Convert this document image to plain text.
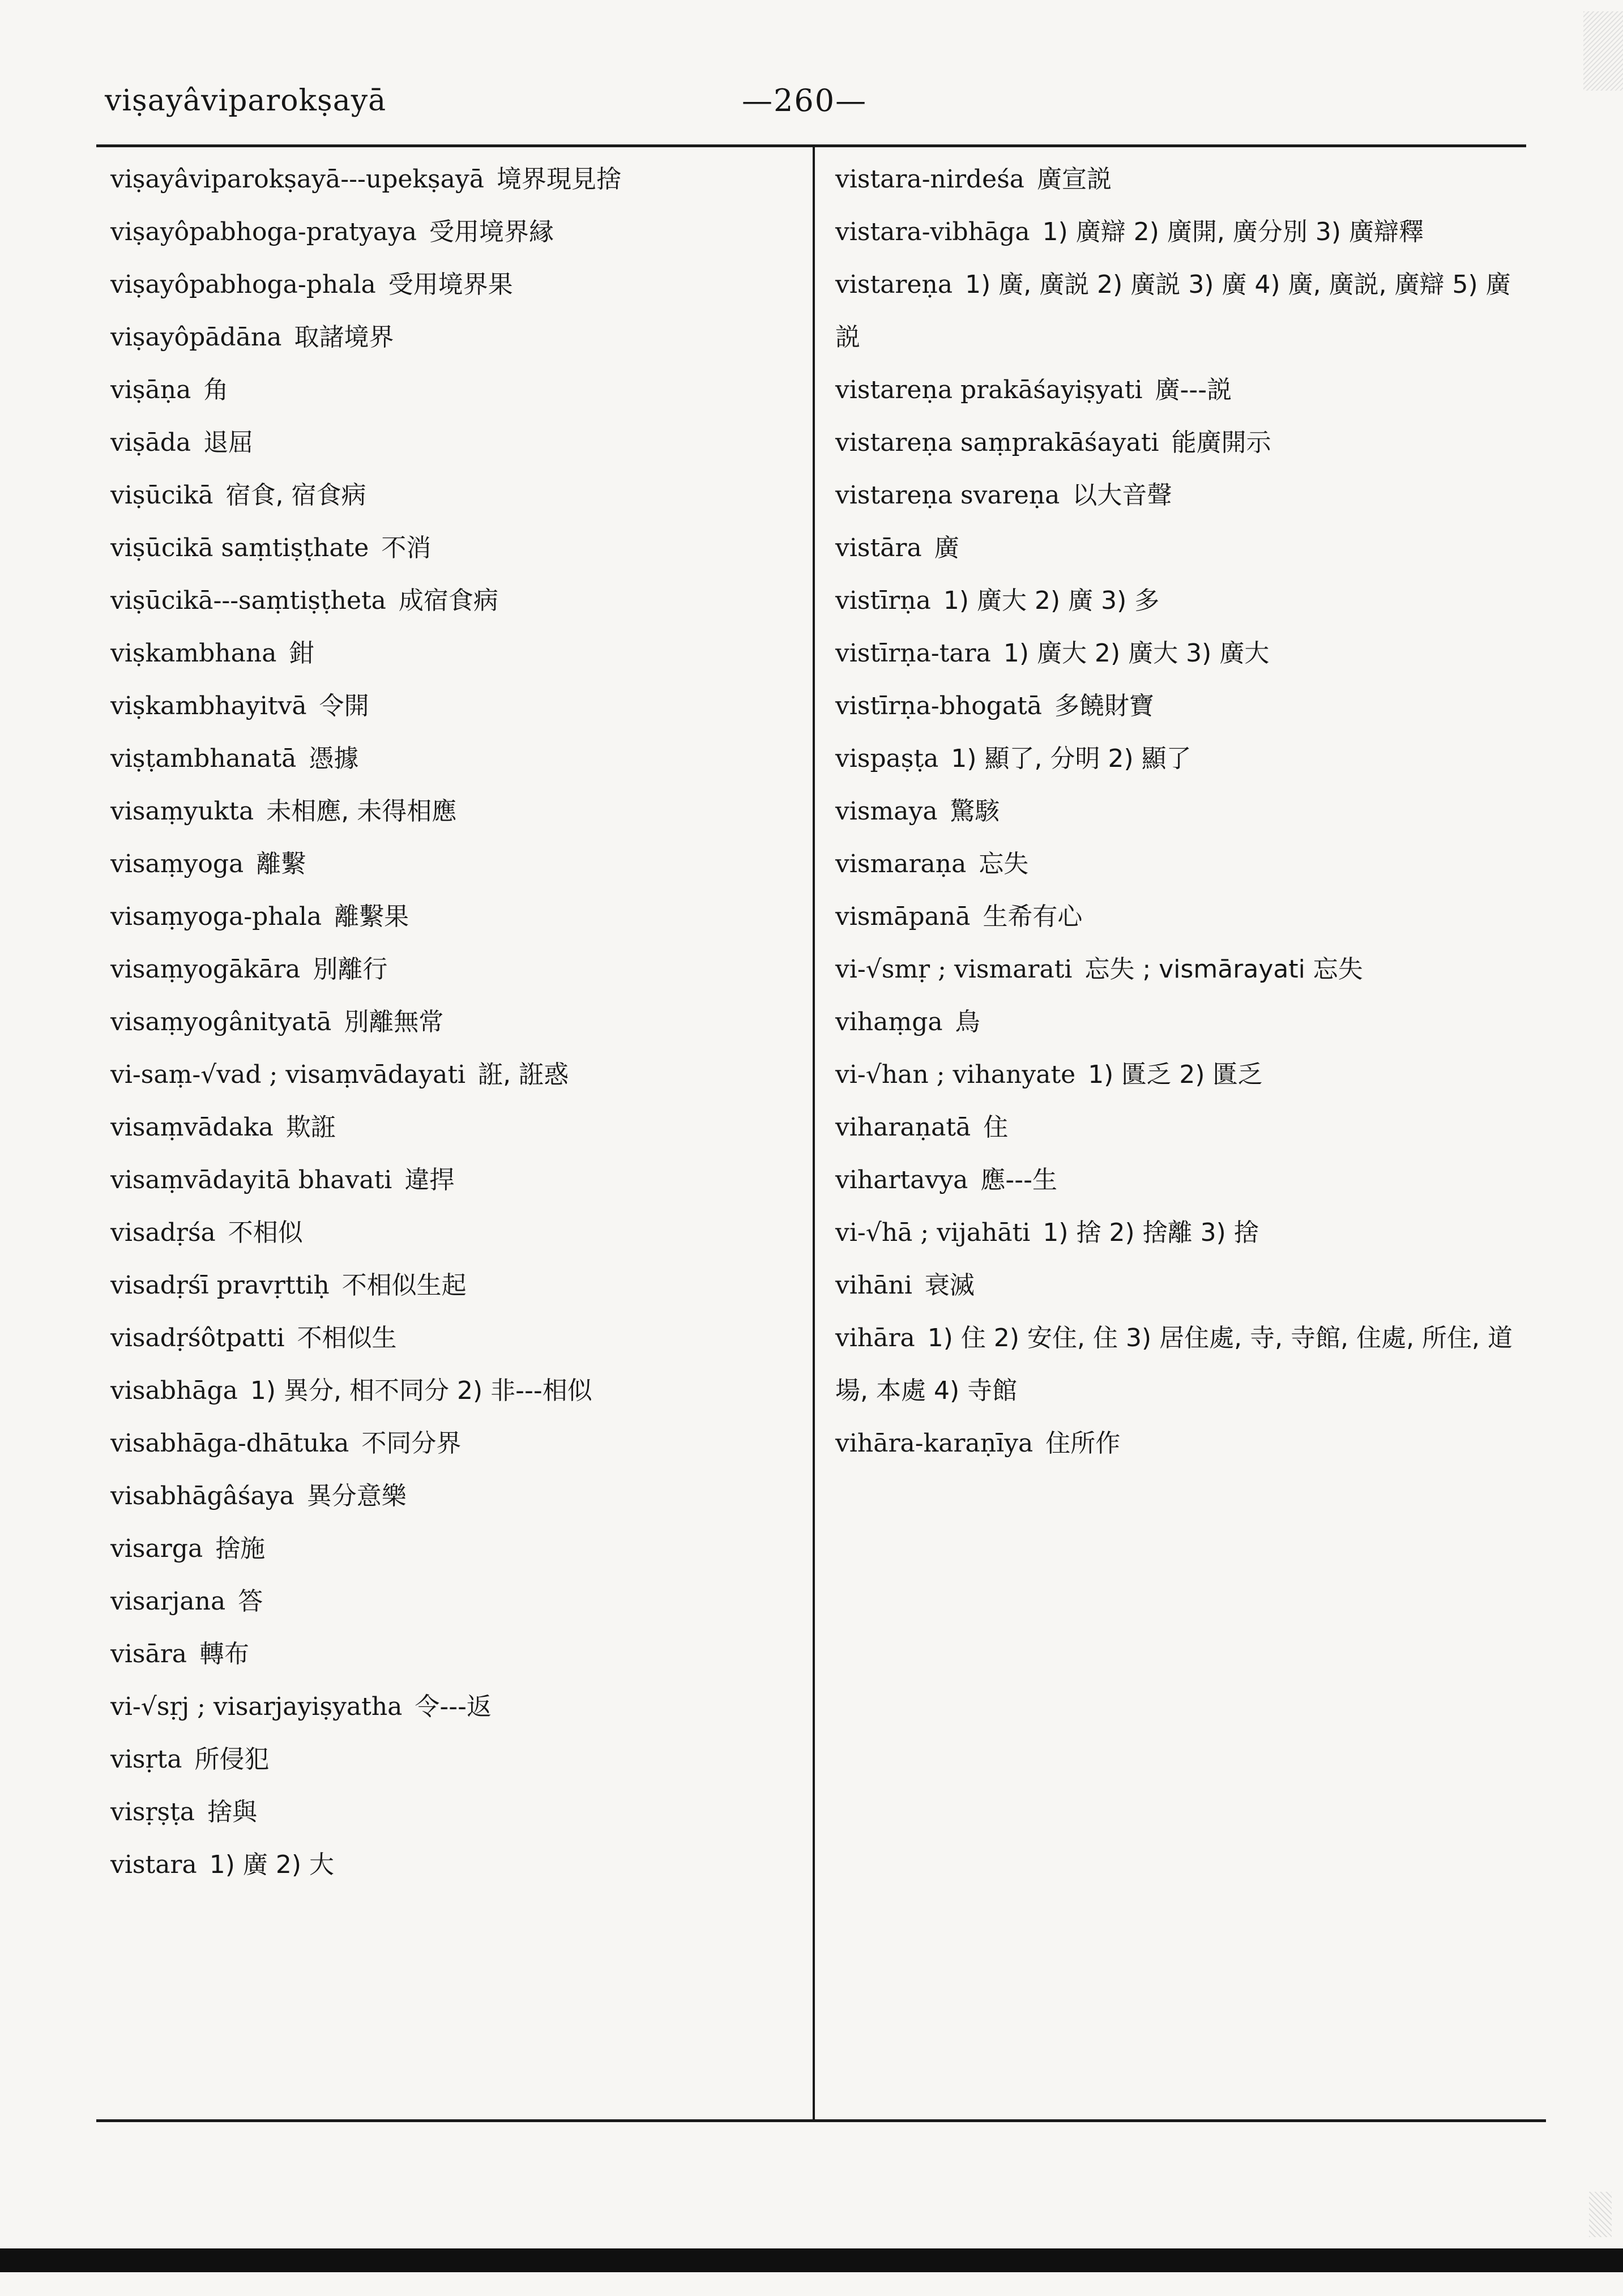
viṣayâviparokṣayā	—260—
viṣayâviparokṣayā---upekṣayā 境界現見捨
viṣayôpabhoga-pratyaya 受用境界縁
viṣayôpabhoga-phala 受用境界果
viṣayôpādāna 取諸境界
viṣāṇa 角
viṣāda 退屈
viṣūcikā 宿食, 宿食病
viṣūcikā saṃtiṣṭhate 不消
viṣūcikā---saṃtiṣṭheta 成宿食病
viṣkambhana 鉗
viṣkambhayitvā 令開
viṣṭambhanatā 憑據
visaṃyukta 未相應, 未得相應
visaṃyoga 離繫
visaṃyoga-phala 離繫果
visaṃyogākāra 別離行
visaṃyogânityatā 別離無常
vi-saṃ-√vad ; visaṃvādayati 誑, 誑惑
visaṃvādaka 欺誑
visaṃvādayitā bhavati 違捍
visadṛśa 不相似
visadṛśī pravṛttiḥ 不相似生起
visadṛśôtpatti 不相似生
visabhāga 1) 異分, 相不同分 2) 非---相似
visabhāga-dhātuka 不同分界
visabhāgâśaya 異分意樂
visarga 捨施
visarjana 答
visāra 轉布
vi-√sṛj ; visarjayiṣyatha 令---返
visṛta 所侵犯
visṛṣṭa 捨與
vistara 1) 廣 2) 大
vistara-nirdeśa 廣宣説
vistara-vibhāga 1) 廣辯 2) 廣開, 廣分別 3) 廣辯釋
vistareṇa 1) 廣, 廣説 2) 廣説 3) 廣 4) 廣, 廣説, 廣辯 5) 廣説
vistareṇa prakāśayiṣyati 廣---説
vistareṇa saṃprakāśayati 能廣開示
vistareṇa svareṇa 以大音聲
vistāra 廣
vistīrṇa 1) 廣大 2) 廣 3) 多
vistīrṇa-tara 1) 廣大 2) 廣大 3) 廣大
vistīrṇa-bhogatā 多饒財寶
vispaṣṭa 1) 顯了, 分明 2) 顯了
vismaya 驚駭
vismaraṇa 忘失
vismāpanā 生希有心
vi-√smṛ ; vismarati 忘失 ; vismārayati 忘失
vihaṃga 鳥
vi-√han ; vihanyate 1) 匱乏 2) 匱乏
viharaṇatā 住
vihartavya 應---生
vi-√hā ; vijahāti 1) 捨 2) 捨離 3) 捨
vihāni 衰滅
vihāra 1) 住 2) 安住, 住 3) 居住處, 寺, 寺館, 住處, 所住, 道場, 本處 4) 寺館
vihāra-karaṇīya 住所作
